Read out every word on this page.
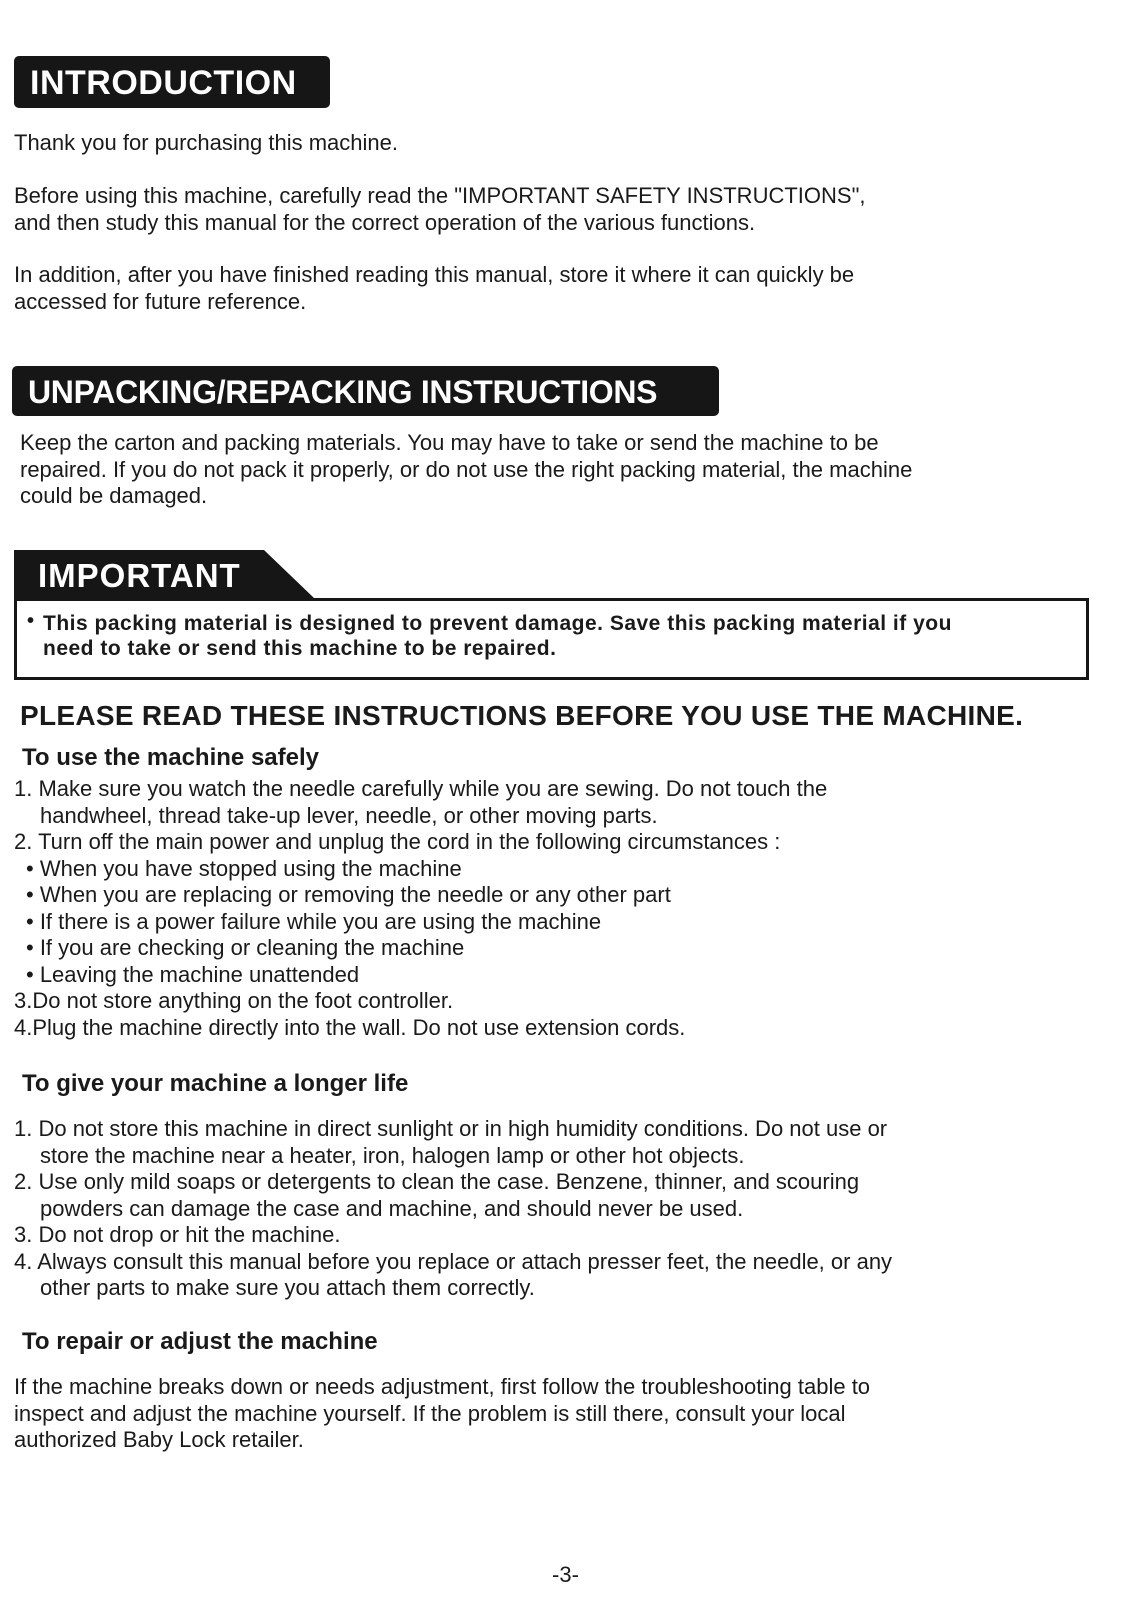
INTRODUCTION

Thank you for purchasing this machine.

Before using this machine, carefully read the "IMPORTANT SAFETY INSTRUCTIONS",
and then study this manual for the correct operation of the various functions.

In addition, after you have finished reading this manual, store it where it can quickly be
accessed for future reference.

UNPACKING/REPACKING INSTRUCTIONS

Keep the carton and packing materials. You may have to take or send the machine to be
repaired. If you do not pack it properly, or do not use the right packing material, the machine
could be damaged.

IMPORTANT

• This packing material is designed to prevent damage. Save this packing material if you
need to take or send this machine to be repaired.

PLEASE READ THESE INSTRUCTIONS BEFORE YOU USE THE MACHINE.
To use the machine safely
1. Make sure you watch the needle carefully while you are sewing. Do not touch the
handwheel, thread take-up lever, needle, or other moving parts.
2. Turn off the main power and unplug the cord in the following circumstances :
• When you have stopped using the machine
• When you are replacing or removing the needle or any other part
• If there is a power failure while you are using the machine
• If you are checking or cleaning the machine
• Leaving the machine unattended
3.Do not store anything on the foot controller.
4.Plug the machine directly into the wall. Do not use extension cords.
To give your machine a longer life
1. Do not store this machine in direct sunlight or in high humidity conditions. Do not use or
store the machine near a heater, iron, halogen lamp or other hot objects.
2. Use only mild soaps or detergents to clean the case. Benzene, thinner, and scouring
powders can damage the case and machine, and should never be used.
3. Do not drop or hit the machine.
4. Always consult this manual before you replace or attach presser feet, the needle, or any
other parts to make sure you attach them correctly.
To repair or adjust the machine

If the machine breaks down or needs adjustment, first follow the troubleshooting table to
inspect and adjust the machine yourself. If the problem is still there, consult your local
authorized Baby Lock retailer.

-3-
